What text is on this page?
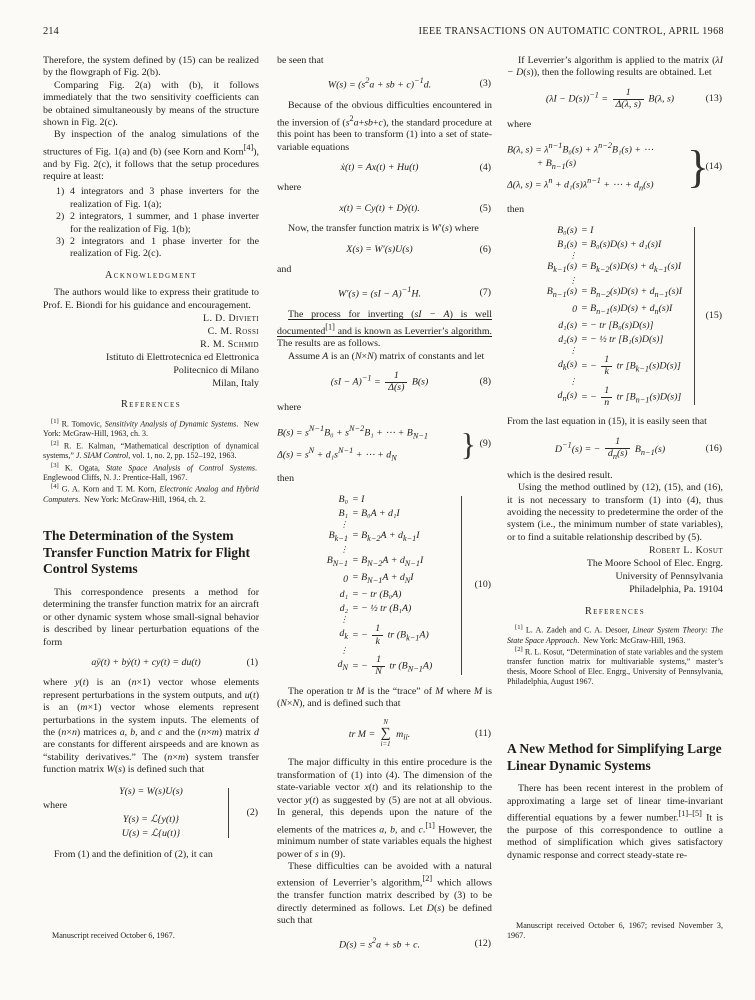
214	IEEE TRANSACTIONS ON AUTOMATIC CONTROL, APRIL 1968

Therefore, the system defined by (15) can be realized by the flowgraph of Fig. 2(b).

Comparing Fig. 2(a) with (b), it follows immediately that the two sensitivity coefficients can be obtained simultaneously by means of the structure shown in Fig. 2(c).

By inspection of the analog simulations of the structures of Fig. 1(a) and (b) (see Korn and Korn[4]), and by Fig. 2(c), it follows that the setup procedures require at least:

1) 4 integrators and 3 phase inverters for the realization of Fig. 1(a);
2) 2 integrators, 1 summer, and 1 phase inverter for the realization of Fig. 1(b);
3) 2 integrators and 1 phase inverter for the realization of Fig. 2(c).
Acknowledgment

The authors would like to express their gratitude to Prof. E. Biondi for his guidance and encouragement.

L. D. Divieti
C. M. Rossi
R. M. Schmid
Istituto di Elettrotecnica ed Elettronica
Politecnico di Milano
Milan, Italy
References

[1] R. Tomovic, Sensitivity Analysis of Dynamic Systems.  New York: McGraw-Hill, 1963, ch. 3.

[2] R. E. Kalman, “Mathematical description of dynamical systems,” J. SIAM Control, vol. 1, no. 2, pp. 152–192, 1963.

[3] K. Ogata, State Space Analysis of Control Systems.  Englewood Cliffs, N. J.: Prentice-Hall, 1967.

[4] G. A. Korn and T. M. Korn, Electronic Analog and Hybrid Computers.  New York: McGraw-Hill, 1964, ch. 2.

The Determination of the System Transfer Function Matrix for Flight Control Systems

This correspondence presents a method for determining the transfer function matrix for an aircraft or other dynamic system whose small-signal behavior is described by linear perturbation equations of the form

aÿ(t) + bẏ(t) + cy(t) = du(t)	(1)

where y(t) is an (n×1) vector whose elements represent perturbations in the system outputs, and u(t) is an (m×1) vector whose elements represent perturbations in the system inputs. The elements of the (n×n) matrices a, b, and c and the (n×m) matrix d are constants for different airspeeds and are known as “stability derivatives.” The (n×m) system transfer function matrix W(s) is defined such that

Y(s) = W(s)U(s)
where
Y(s) = ℒ{y(t)}
U(s) = ℒ{u(t)}
(2)

From (1) and the definition of (2), it can

Manuscript received October 6, 1967.

be seen that

$W(s) = (s^2a$ + sb + c)$^{-1}$d.	(3)

Because of the obvious difficulties encountered in the inversion of $(s^2a+sb+c)$, the standard procedure at this point has been to transform (1) into a set of state-variable equations

ẋ(t) = Ax(t) + Hu(t)	(4)

where

x(t) = Cy(t) + Dẏ(t).	(5)

Now, the transfer function matrix is W′(s) where

X(s) = W′(s)U(s)	(6)

and

W′(s) = (sI − A)$^{-1}$H.	(7)

The process for inverting (sI − A) is well documented[1] and is known as Leverrier’s algorithm. The results are as follows.

Assume A is an (N×N) matrix of constants and let

$(sI - A)^{-1} = \frac{1}{\Delta(s)} B(s)$	(8)

where

$B(s) = s^{N-1}B_0 + s^{N-2}B_1$ + ⋯ + $B_{N-1}$
$\Delta(s) = s^N + d_1s^{N-1}$ + ⋯ + $d_N$	} (9)

then

B₀ = I
B₁ = B₀A + d₁I
⋮
$B_{k-1} = B_{k-2}A + d_{k-1}I$
⋮
$B_{N-1} = B_{N-2}A + d_{N-1}I$
$0 = B_{N-1}A + d_NI$
d₁ = − tr (B₀A)
d₂ = − ½ tr (B₁A)
⋮
$d_k$ = − $\frac{1}{k}$ tr $(B_{k-1}A)$
⋮
$d_N$ = − $\frac{1}{N}$ tr $(B_{N-1}A)$
(10)

The operation tr M is the “trace” of M where M is (N×N), and is defined such that

tr M =
N
∑
i=1
$m_{ii}$.	(11)

The major difficulty in this entire procedure is the transformation of (1) into (4). The dimension of the state-variable vector x(t) and its relationship to the vector y(t) as suggested by (5) are not at all obvious. In general, this depends upon the nature of the elements of the matrices a, b, and c.[1] However, the minimum number of state variables equals the highest power of s in (9).

These difficulties can be avoided with a natural extension of Leverrier’s algorithm,[2] which allows the transfer function matrix described by (3) to be directly determined as follows. Let D(s) be defined such that

$D(s) = s^2a$ + sb + c.	(12)

If Leverrier’s algorithm is applied to the matrix (λI − D(s)), then the following results are obtained. Let

$(\lambda I - D(s))^{-1} = \frac{1}{\Delta(\lambda, s)} B(\lambda$, s)	(13)

where

B(λ, $s) = \lambda^{n-1}B_0(s) + \lambda^{n-2}B_1(s)$ + ⋯
   + $B_{n-1}(s)$
Δ(λ, $s) = \lambda^n + d_1(s)\lambda^{n-1}$ + ⋯ + $d_n(s)$ }
(14)

then

B₀(s) = I
B₁(s) = B₀(s)D(s) + d₁(s)I
⋮
$B_{k-1}(s) = B_{k-2}(s)D(s) + d_{k-1}(s)I$
⋮
$B_{n-1}(s) = B_{n-2}(s)D(s) + d_{n-1}(s)I$
$0 = B_{n-1}(s)D(s) + d_n(s)I$
d₁(s) = − tr [B₀(s)D(s)]
d₂(s) = − ½ tr [B₁(s)D(s)]
⋮
$d_k(s)$ = − $\frac{1}{k}$ tr $[B_{k-1}(s)D(s)]$
⋮
$d_n(s)$ = − $\frac{1}{n}$ tr $[B_{n-1}(s)D(s)]$
(15)

From the last equation in (15), it is easily seen that

$D^{-1}(s)$ = − $\frac{1}{d_n(s)} B_{n-1}(s)$	(16)

which is the desired result.

Using the method outlined by (12), (15), and (16), it is not necessary to transform (1) into (4), thus avoiding the necessity to predetermine the order of the system (i.e., the minimum number of state variables), or to find a suitable relationship described by (5).

Robert L. Kosut
The Moore School of Elec. Engrg.
University of Pennsylvania
Philadelphia, Pa. 19104
References

[1] L. A. Zadeh and C. A. Desoer, Linear System Theory: The State Space Approach.  New York: McGraw-Hill, 1963.

[2] R. L. Kosut, “Determination of state variables and the system transfer function matrix for multivariable systems,” master’s thesis, Moore School of Elec. Engrg., University of Pennsylvania, Philadelphia, August 1967.

A New Method for Simplifying Large Linear Dynamic Systems

There has been recent interest in the problem of approximating a large set of linear time-invariant differential equations by a fewer number.[1]–[5] It is the purpose of this correspondence to outline a method of simplification which gives satisfactory dynamic response and correct steady-state re-

Manuscript received October 6, 1967; revised November 3, 1967.
